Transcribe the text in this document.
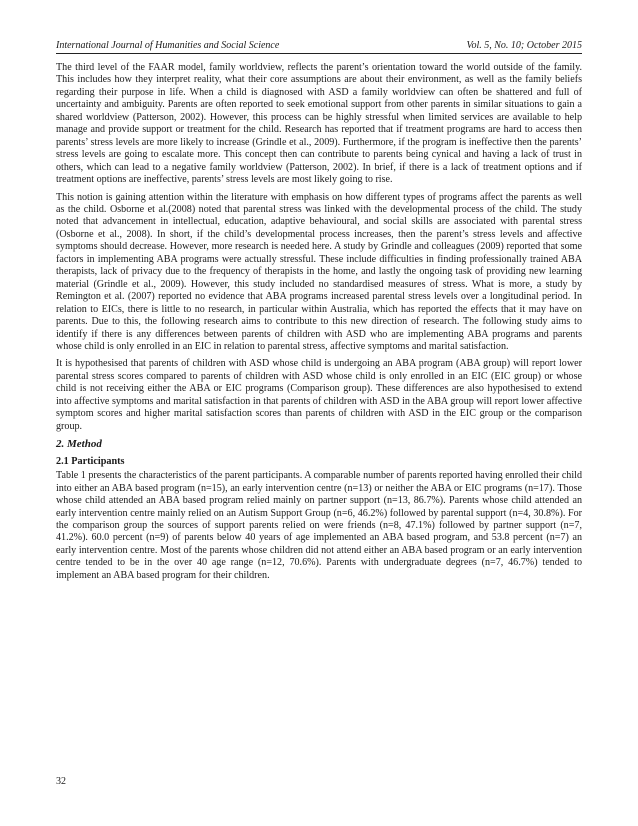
International Journal of Humanities and Social Science	Vol. 5, No. 10; October 2015

The third level of the FAAR model, family worldview, reflects the parent’s orientation toward the world outside of the family. This includes how they interpret reality, what their core assumptions are about their environment, as well as the family beliefs regarding their purpose in life. When a child is diagnosed with ASD a family worldview can often be shattered and full of uncertainty and ambiguity. Parents are often reported to seek emotional support from other parents in similar situations to gain a shared worldview (Patterson, 2002). However, this process can be highly stressful when limited services are available to help manage and provide support or treatment for the child. Research has reported that if treatment programs are hard to access then parents’ stress levels are more likely to increase (Grindle et al., 2009). Furthermore, if the program is ineffective then the parents’ stress levels are going to escalate more. This concept then can contribute to parents being cynical and having a lack of trust in others, which can lead to a negative family worldview (Patterson, 2002). In brief, if there is a lack of treatment options and if treatment options are ineffective, parents’ stress levels are most likely going to rise.

This notion is gaining attention within the literature with emphasis on how different types of programs affect the parents as well as the child. Osborne et al.(2008) noted that parental stress was linked with the developmental process of the child. The study noted that advancement in intellectual, education, adaptive behavioural, and social skills are associated with parental stress (Osborne et al., 2008). In short, if the child’s developmental process increases, then the parent’s stress levels and affective symptoms should decrease. However, more research is needed here. A study by Grindle and colleagues (2009) reported that some factors in implementing ABA programs were actually stressful. These include difficulties in finding professionally trained ABA therapists, lack of privacy due to the frequency of therapists in the home, and lastly the ongoing task of providing new learning material (Grindle et al., 2009). However, this study included no standardised measures of stress. What is more, a study by Remington et al. (2007) reported no evidence that ABA programs increased parental stress levels over a longitudinal period. In relation to EICs, there is little to no research, in particular within Australia, which has reported the effects that it may have on parents. Due to this, the following research aims to contribute to this new direction of research. The following study aims to identify if there is any differences between parents of children with ASD who are implementing ABA programs and parents whose child is only enrolled in an EIC in relation to parental stress, affective symptoms and marital satisfaction.

It is hypothesised that parents of children with ASD whose child is undergoing an ABA program (ABA group) will report lower parental stress scores compared to parents of children with ASD whose child is only enrolled in an EIC (EIC group) or whose child is not receiving either the ABA or EIC programs (Comparison group). These differences are also hypothesised to extend into affective symptoms and marital satisfaction in that parents of children with ASD in the ABA group will report lower affective symptom scores and higher marital satisfaction scores than parents of children with ASD in the EIC group or the comparison group.

2. Method
2.1 Participants

Table 1 presents the characteristics of the parent participants. A comparable number of parents reported having enrolled their child into either an ABA based program (n=15), an early intervention centre (n=13) or neither the ABA or EIC programs (n=17). Those whose child attended an ABA based program relied mainly on partner support (n=13, 86.7%). Parents whose child attended an early intervention centre mainly relied on an Autism Support Group (n=6, 46.2%) followed by parental support (n=4, 30.8%). For the comparison group the sources of support parents relied on were friends (n=8, 47.1%) followed by partner support (n=7, 41.2%). 60.0 percent (n=9) of parents below 40 years of age implemented an ABA based program, and 53.8 percent (n=7) an early intervention centre. Most of the parents whose children did not attend either an ABA based program or an early intervention centre tended to be in the over 40 age range (n=12, 70.6%). Parents with undergraduate degrees (n=7, 46.7%) tended to implement an ABA based program for their children.

32
